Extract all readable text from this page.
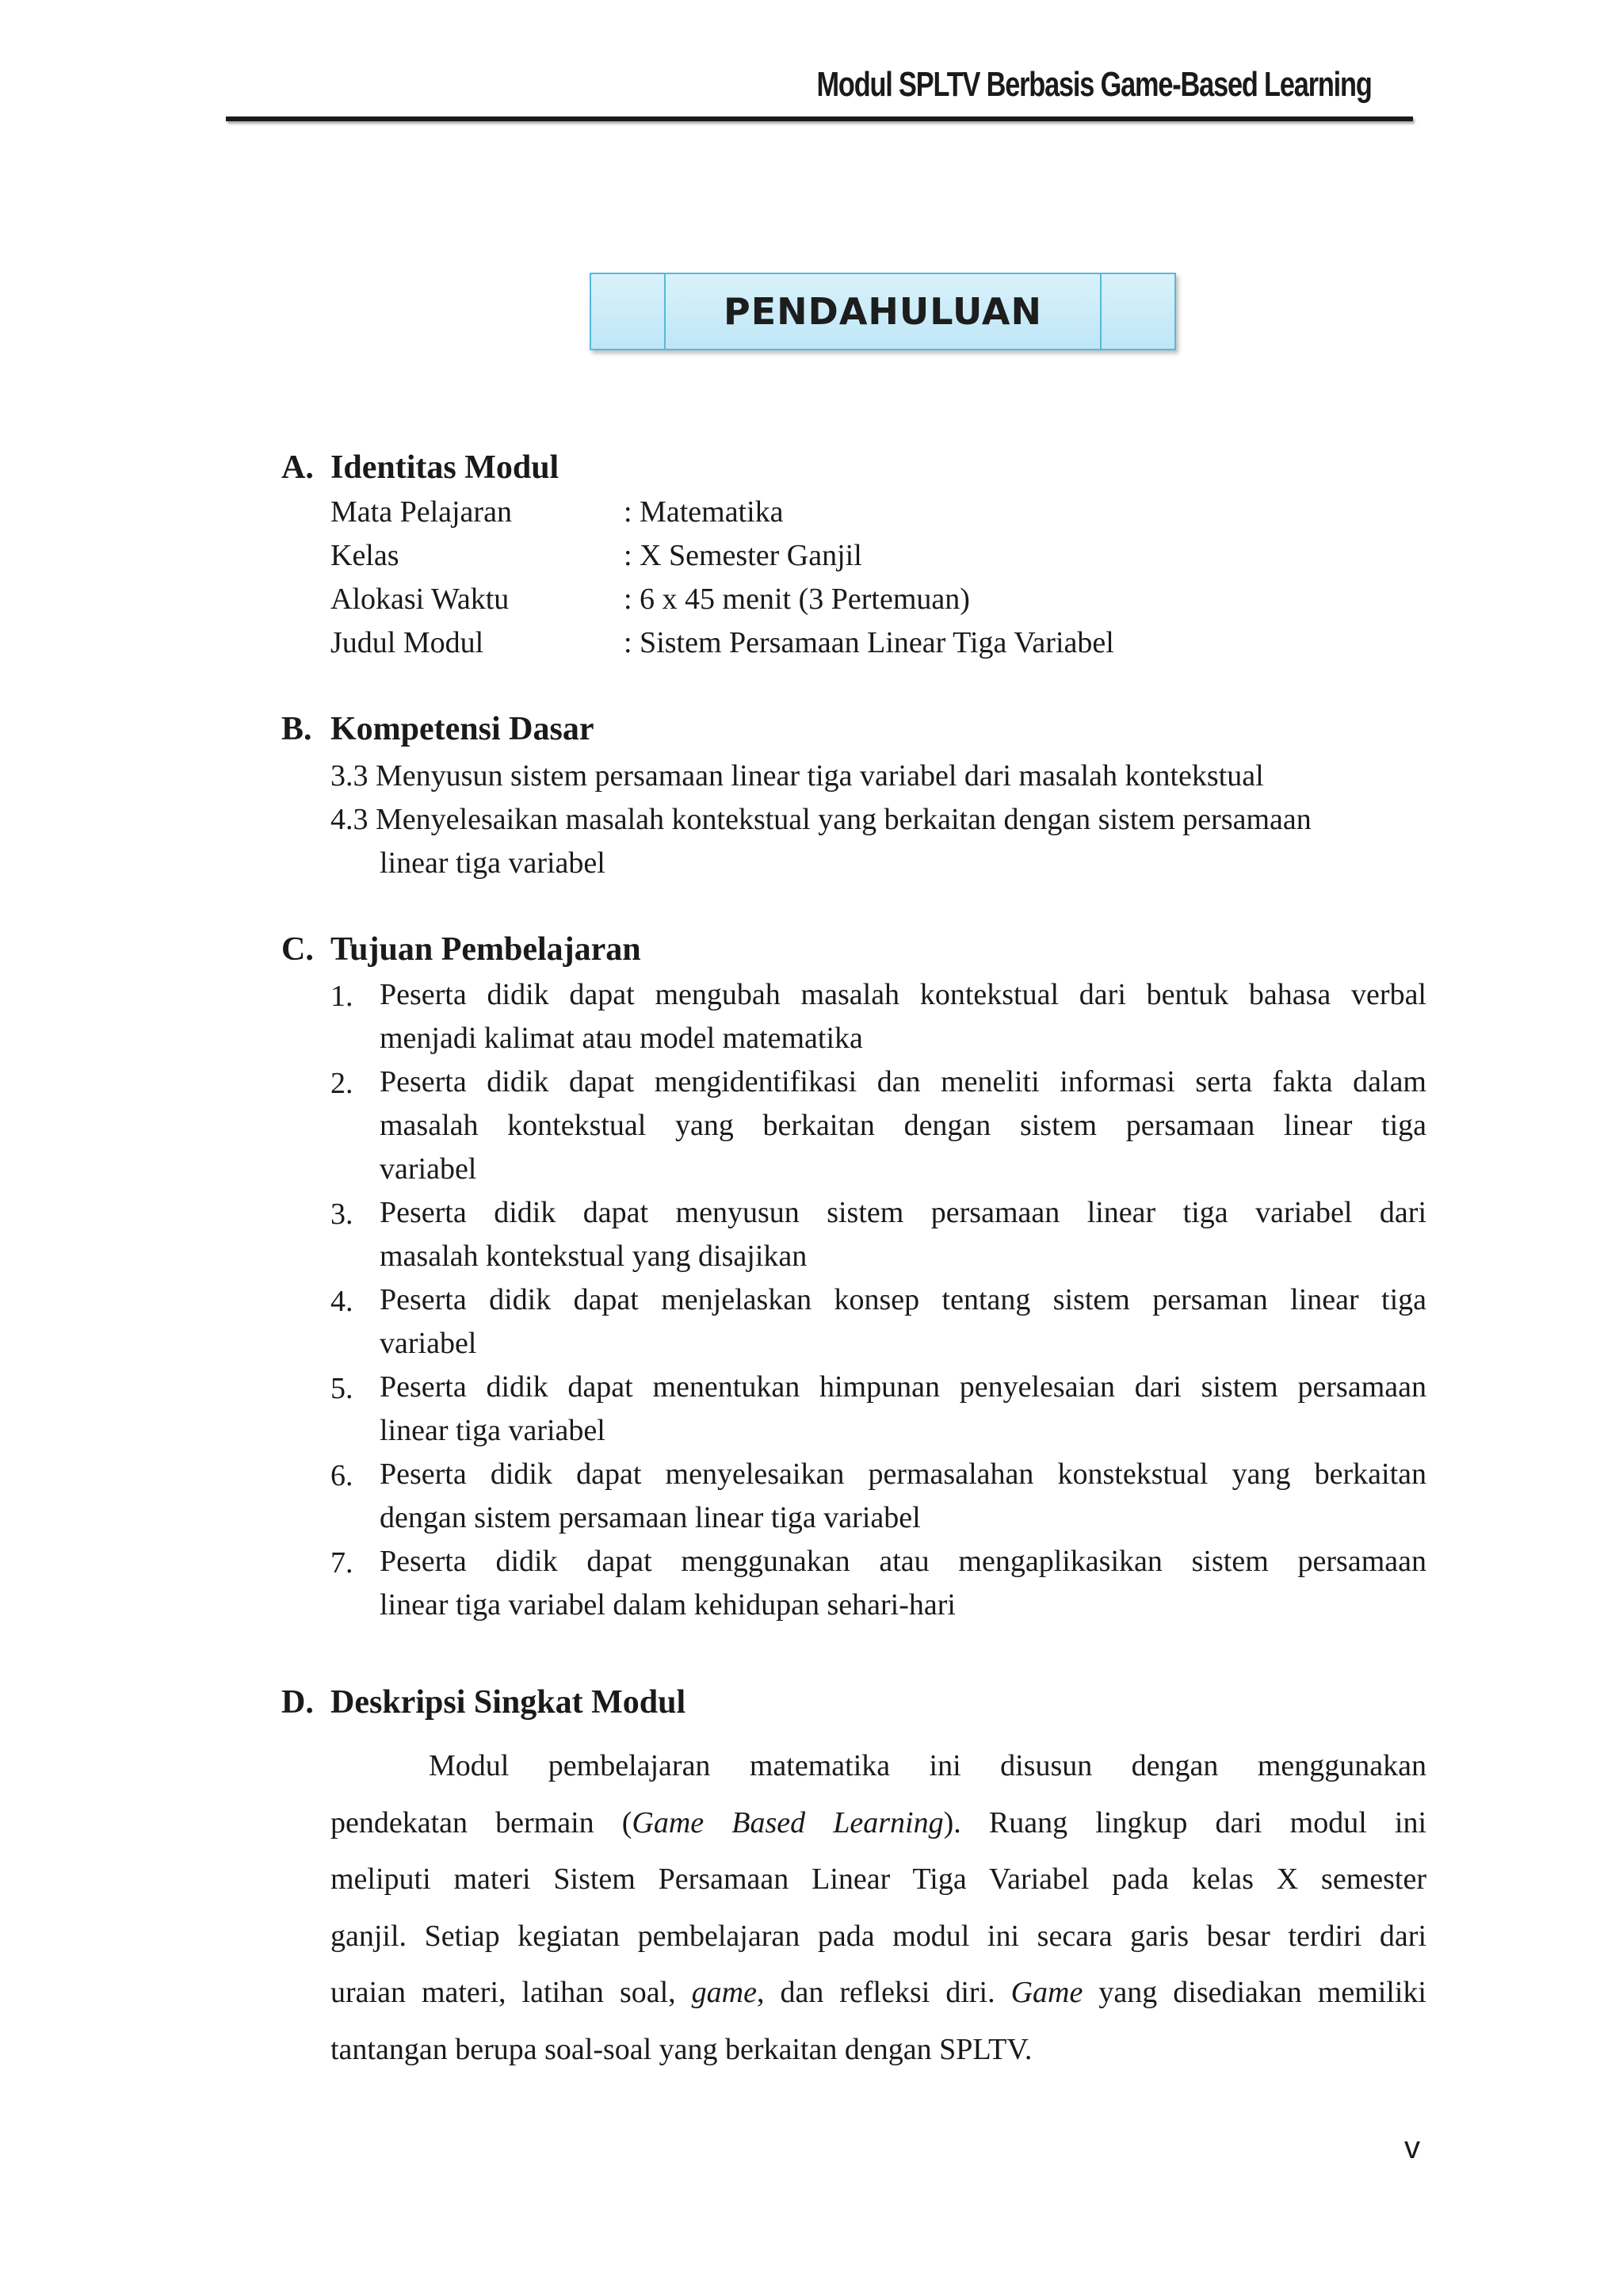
Modul SPLTV Berbasis Game-Based Learning
PENDAHULUAN
A. Identitas Modul
Mata Pelajaran	: Matematika
Kelas	: X Semester Ganjil
Alokasi Waktu	: 6 x 45 menit (3 Pertemuan)
Judul Modul	: Sistem Persamaan Linear Tiga Variabel
B. Kompetensi Dasar
3.3 Menyusun sistem persamaan linear tiga variabel dari masalah kontekstual
4.3 Menyelesaikan masalah kontekstual yang berkaitan dengan sistem persamaan
linear tiga variabel
C. Tujuan Pembelajaran
1. Peserta didik dapat mengubah masalah kontekstual dari bentuk bahasa verbal
menjadi kalimat atau model matematika
2. Peserta didik dapat mengidentifikasi dan meneliti informasi serta fakta dalam
masalah kontekstual yang berkaitan dengan sistem persamaan linear tiga
variabel
3. Peserta didik dapat menyusun sistem persamaan linear tiga variabel dari
masalah kontekstual yang disajikan
4. Peserta didik dapat menjelaskan konsep tentang sistem persaman linear tiga
variabel
5. Peserta didik dapat menentukan himpunan penyelesaian dari sistem persamaan
linear tiga variabel
6. Peserta didik dapat menyelesaikan permasalahan konstekstual yang berkaitan
dengan sistem persamaan linear tiga variabel
7. Peserta didik dapat menggunakan atau mengaplikasikan sistem persamaan
linear tiga variabel dalam kehidupan sehari-hari
D. Deskripsi Singkat Modul
Modul pembelajaran matematika ini disusun dengan menggunakan
pendekatan bermain (Game Based Learning). Ruang lingkup dari modul ini
meliputi materi Sistem Persamaan Linear Tiga Variabel pada kelas X semester
ganjil. Setiap kegiatan pembelajaran pada modul ini secara garis besar terdiri dari
uraian materi, latihan soal, game, dan refleksi diri. Game yang disediakan memiliki
tantangan berupa soal-soal yang berkaitan dengan SPLTV.
v
